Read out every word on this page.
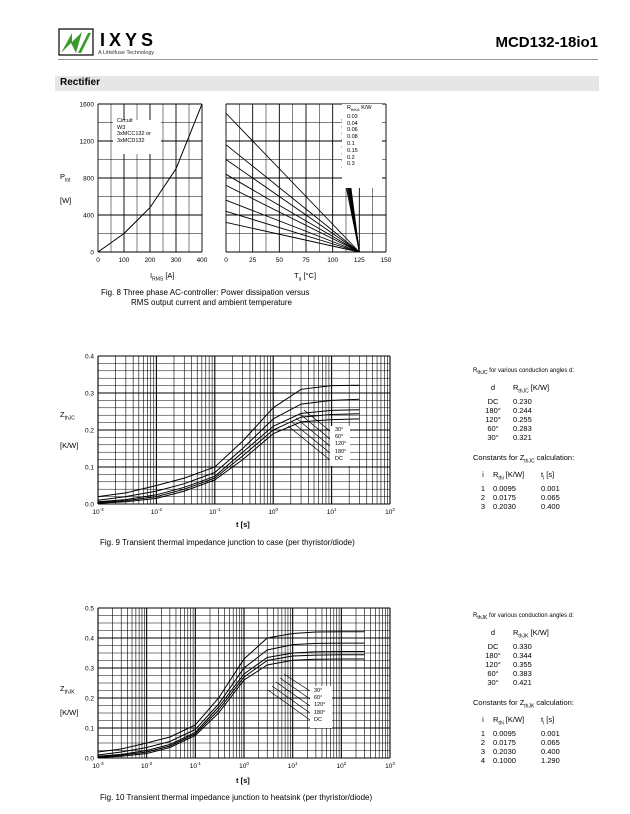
IXYS
A Littelfuse Technology
MCD132-18io1
Rectifier
0	100 200 300 400	0	25	50	75	100 125 150
0
400
800
1200
1600
Circuit
W3
3xMCC132 or
3xMCD132
$R_{thKA}$ K/W
0.03
0.04
0.06
0.08
0.1
0.15
0.2
0.3
$P_{tot}$
[W]
$I_{RMS}$ [A]	$T_a$ [°C]
Fig. 8 Three phase AC-controller: Power dissipation versus
RMS output current and ambient temperature
0.0
0.1
0.2
0.3
0.4
$10^{-3}$	$10^{-2}$	$10^{-1}$	$10^0$	$10^1$	$10^2$
30°
60°
120°
180°
DC
$Z_{thJC}$
[K/W]
t [s]
Fig. 9 Transient thermal impedance junction to case (per thyristor/diode)
$R_{thJC}$ for various conduction angles d:
d	$R_{thJC}$ [K/W]
DC	0.230
180°	0.244
120°	0.255
60°	0.283
30°	0.321
Constants for $Z_{thJC}$ calculation:
i	$R_{thi}$ [K/W]	$t_i$ [s]
1	0.0095	0.001
2	0.0175	0.065
3	0.2030	0.400
0.0
0.1
0.2
0.3
0.4
0.5
$10^{-3}$	$10^{-2}$	$10^{-1}$	$10^0$	$10^1$	$10^2$	$10^3$
30°
60°
120°
180°
DC
$Z_{thJK}$
[K/W]
t [s]
Fig. 10 Transient thermal impedance junction to heatsink (per thyristor/diode)
$R_{thJK}$ for various conduction angles d:
d	$R_{thJK}$ [K/W]
DC	0.330
180°	0.344
120°	0.355
60°	0.383
30°	0.421
Constants for $Z_{thJK}$ calculation:
i	$R_{thi}$ [K/W]	$t_i$ [s]
1	0.0095	0.001
2	0.0175	0.065
3	0.2030	0.400
4	0.1000	1.290
